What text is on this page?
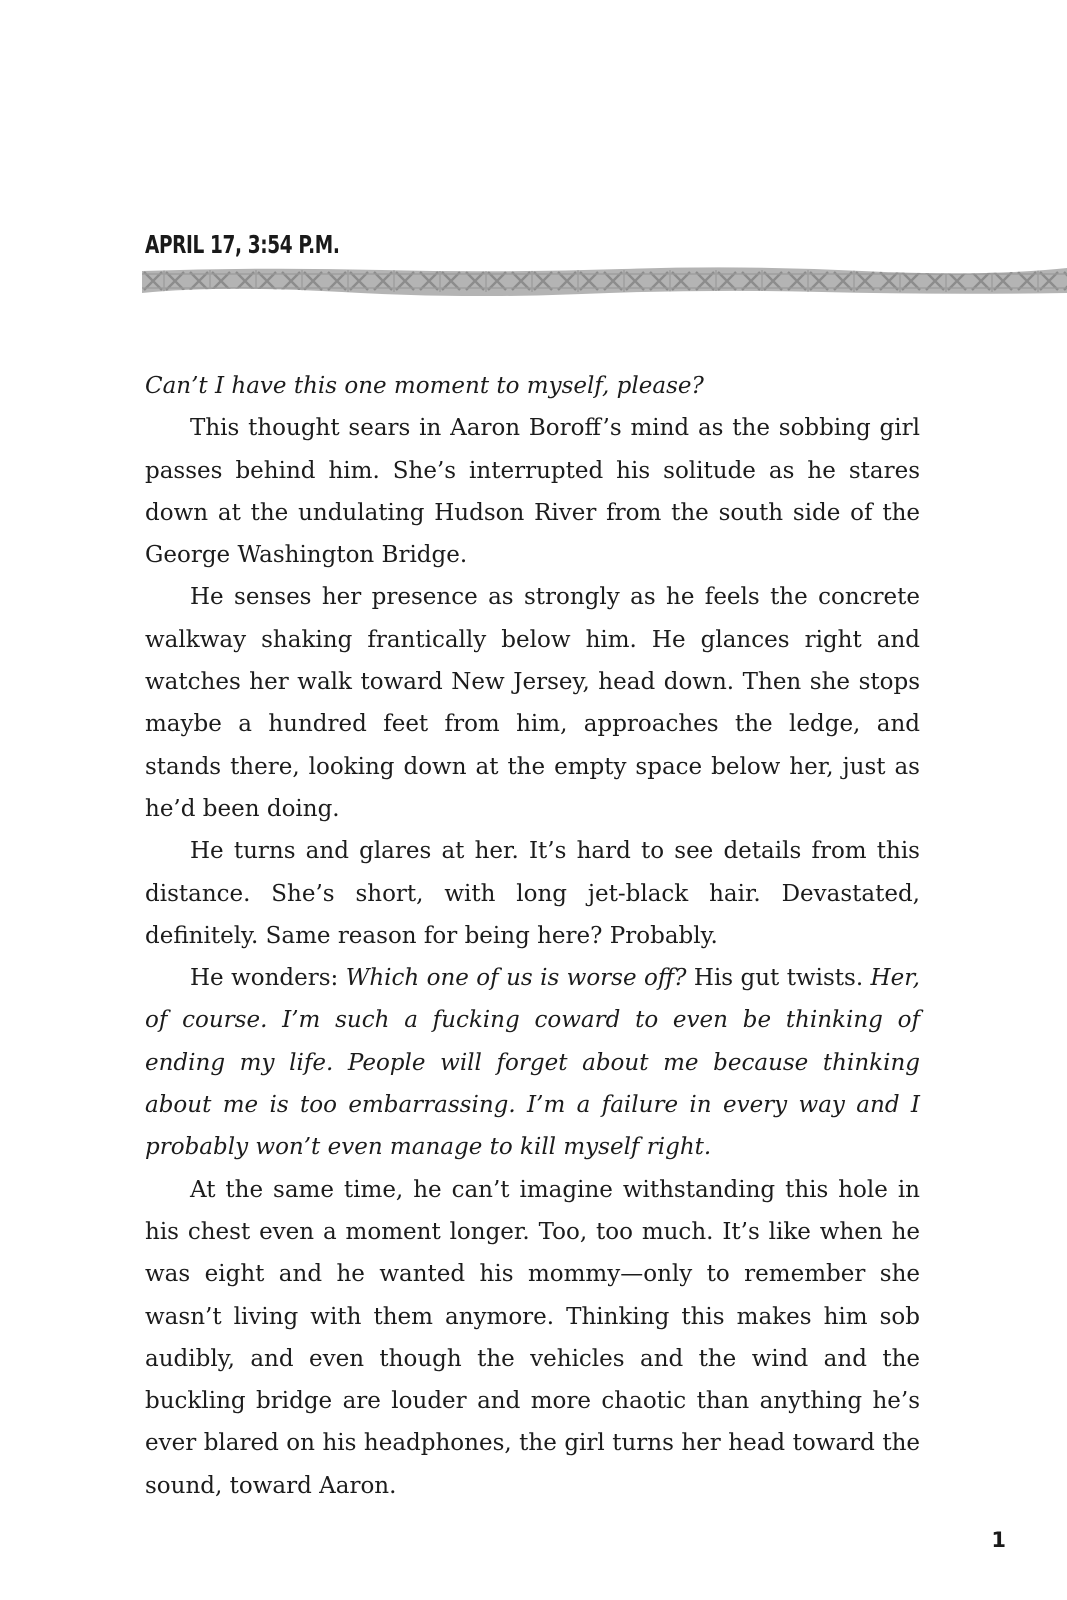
APRIL 17, 3:54 P.M.

Can’t I have this one moment to myself, please?

This thought sears in Aaron Boroff’s mind as the sobbing girl passes behind him. She’s interrupted his solitude as he stares down at the undulating Hudson River from the south side of the George Washington Bridge.

He senses her presence as strongly as he feels the concrete walkway shaking frantically below him. He glances right and watches her walk toward New Jersey, head down. Then she stops maybe a hundred feet from him, approaches the ledge, and stands there, looking down at the empty space below her, just as he’d been doing.

He turns and glares at her. It’s hard to see details from this distance. She’s short, with long jet-black hair. Devastated, definitely. Same reason for being here? Probably.

He wonders: Which one of us is worse off? His gut twists. Her, of course. I’m such a fucking coward to even be thinking of ending my life. People will forget about me because thinking about me is too embarrassing. I’m a failure in every way and I probably won’t even manage to kill myself right.

At the same time, he can’t imagine withstanding this hole in his chest even a moment longer. Too, too much. It’s like when he was eight and he wanted his mommy—only to remember she wasn’t living with them anymore. Thinking this makes him sob audibly, and even though the vehicles and the wind and the buckling bridge are louder and more chaotic than anything he’s ever blared on his headphones, the girl turns her head toward the sound, toward Aaron.

1
